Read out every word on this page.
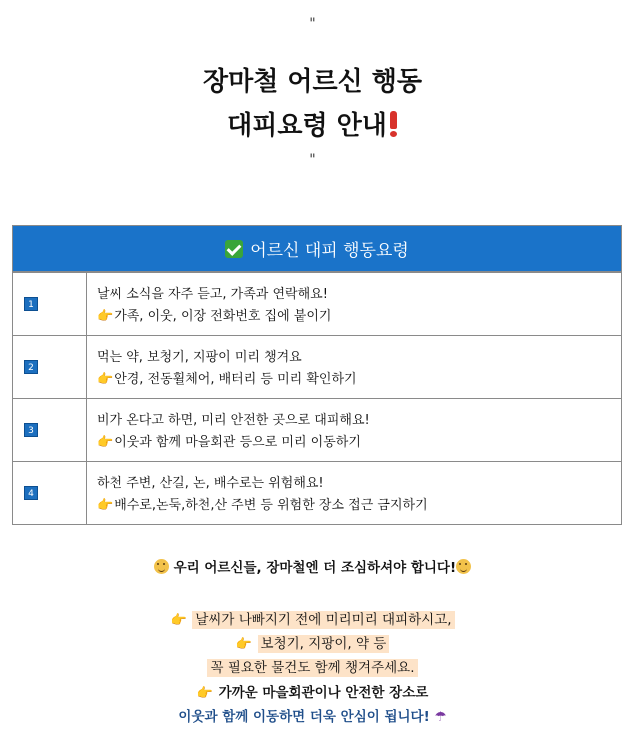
"
장마철 어르신 행동
대피요령 안내
"
어르신 대피 행동요령
1
날씨 소식을 자주 듣고, 가족과 연락해요!
👉가족, 이웃, 이장 전화번호 집에 붙이기
2
먹는 약, 보청기, 지팡이 미리 챙겨요
👉안경, 전동휠체어, 배터리 등 미리 확인하기
3
비가 온다고 하면, 미리 안전한 곳으로 대피해요!
👉이웃과 함께 마을회관 등으로 미리 이동하기
4
하천 주변, 산길, 논, 배수로는 위험해요!
👉배수로,논둑,하천,산 주변 등 위험한 장소 접근 금지하기
우리 어르신들, 장마철엔 더 조심하셔야 합니다!
👉 날씨가 나빠지기 전에 미리미리 대피하시고,
👉 보청기, 지팡이, 약 등
꼭 필요한 물건도 함께 챙겨주세요.
👉 가까운 마을회관이나 안전한 장소로
이웃과 함께 이동하면 더욱 안심이 됩니다! ☂
